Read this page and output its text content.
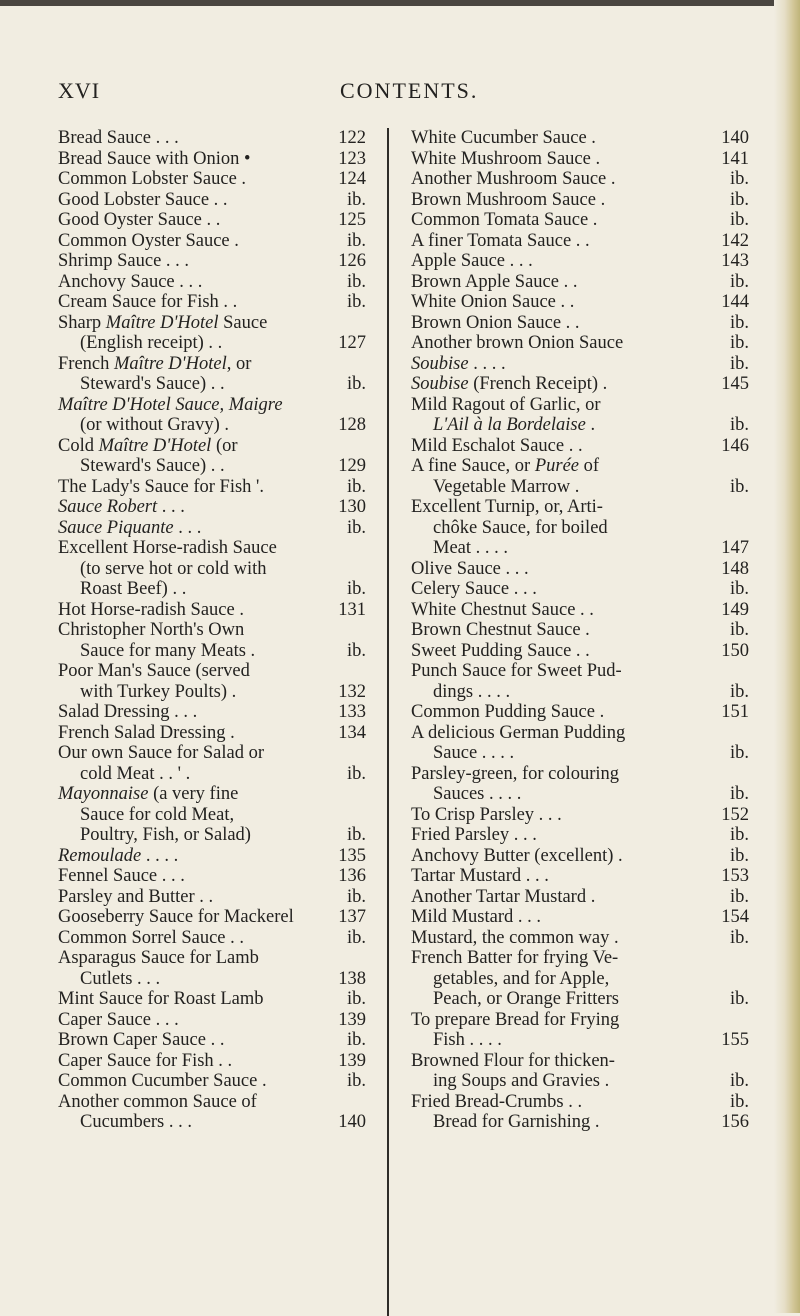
XVI	CONTENTS.
Bread Sauce . . .	122
Bread Sauce with Onion •	123
Common Lobster Sauce .	124
Good Lobster Sauce . .	ib.
Good Oyster Sauce . .	125
Common Oyster Sauce .	ib.
Shrimp Sauce . . .	126
Anchovy Sauce . . .	ib.
Cream Sauce for Fish . .	ib.
Sharp Maître D'Hotel Sauce
(English receipt) . .	127
French Maître D'Hotel, or
Steward's Sauce) . .	ib.
Maître D'Hotel Sauce, Maigre
(or without Gravy) .	128
Cold Maître D'Hotel (or
Steward's Sauce) . .	129
The Lady's Sauce for Fish '.	ib.
Sauce Robert . . .	130
Sauce Piquante . . .	ib.
Excellent Horse-radish Sauce
(to serve hot or cold with
Roast Beef) . .	ib.
Hot Horse-radish Sauce .	131
Christopher North's Own
Sauce for many Meats .	ib.
Poor Man's Sauce (served
with Turkey Poults) .	132
Salad Dressing . . .	133
French Salad Dressing .	134
Our own Sauce for Salad or
cold Meat . . ' .	ib.
Mayonnaise (a very fine
Sauce for cold Meat,
Poultry, Fish, or Salad)	ib.
Remoulade . . . .	135
Fennel Sauce . . .	136
Parsley and Butter . .	ib.
Gooseberry Sauce for Mackerel 137
Common Sorrel Sauce . .	ib.
Asparagus Sauce for Lamb
Cutlets . . .	138
Mint Sauce for Roast Lamb	ib.
Caper Sauce . . .	139
Brown Caper Sauce . .	ib.
Caper Sauce for Fish . .	139
Common Cucumber Sauce .	ib.
Another common Sauce of
Cucumbers . . .	140
White Cucumber Sauce .	140
White Mushroom Sauce .	141
Another Mushroom Sauce .	ib.
Brown Mushroom Sauce .	ib.
Common Tomata Sauce .	ib.
A finer Tomata Sauce . .	142
Apple Sauce . . .	143
Brown Apple Sauce . .	ib.
White Onion Sauce . .	144
Brown Onion Sauce . .	ib.
Another brown Onion Sauce	ib.
Soubise . . . .	ib.
Soubise (French Receipt) .	145
Mild Ragout of Garlic, or
L'Ail à la Bordelaise .	ib.
Mild Eschalot Sauce . .	146
A fine Sauce, or Purée of
Vegetable Marrow .	ib.
Excellent Turnip, or, Arti-
chôke Sauce, for boiled
Meat . . . .	147
Olive Sauce . . .	148
Celery Sauce . . .	ib.
White Chestnut Sauce . .	149
Brown Chestnut Sauce .	ib.
Sweet Pudding Sauce . .	150
Punch Sauce for Sweet Pud-
dings . . . .	ib.
Common Pudding Sauce .	151
A delicious German Pudding
Sauce . . . .	ib.
Parsley-green, for colouring
Sauces . . . .	ib.
To Crisp Parsley . . .	152
Fried Parsley . . .	ib.
Anchovy Butter (excellent) .	ib.
Tartar Mustard . . .	153
Another Tartar Mustard .	ib.
Mild Mustard . . .	154
Mustard, the common way .	ib.
French Batter for frying Ve-
getables, and for Apple,
Peach, or Orange Fritters	ib.
To prepare Bread for Frying
Fish . . . .	155
Browned Flour for thicken-
ing Soups and Gravies .	ib.
Fried Bread-Crumbs . .	ib.
Bread for Garnishing .	156
